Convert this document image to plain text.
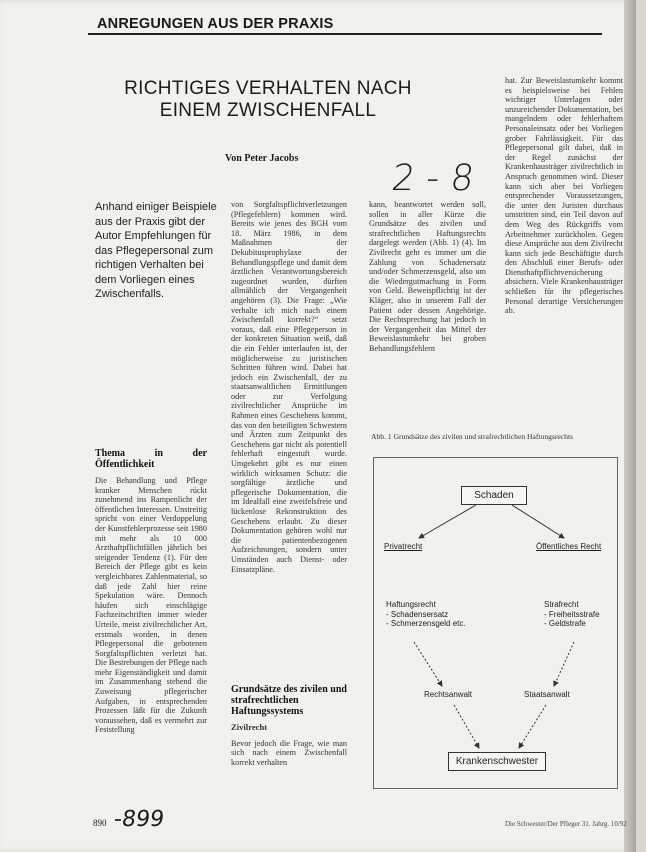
ANREGUNGEN AUS DER PRAXIS
RICHTIGES VERHALTEN NACH
EINEM ZWISCHENFALL
Von Peter Jacobs	2 - 8
Anhand einiger Beispiele aus der Praxis gibt der Autor Empfehlungen für das Pflegepersonal zum richtigen Verhalten bei dem Vorliegen eines Zwischenfalls.
Thema in der Öffentlichkeit

Die Behandlung und Pflege kranker Menschen rückt zunehmend ins Rampenlicht der öffentlichen Interessen. Unstreitig spricht von einer Verdoppelung der Kunstfehlerprozesse seit 1980 mit mehr als 10 000 Arzthaftpflichtfällen jährlich bei steigender Tendenz (1). Für den Bereich der Pflege gibt es kein vergleichbares Zahlenmaterial, so daß jede Zahl hier reine Spekulation wäre. Dennoch häufen sich einschlägige Fachzeitschriften immer wieder Urteile, meist zivilrechtlicher Art, erstmals worden, in denen Pflegepersonal die gebotenen Sorgfaltspflichten verletzt hat. Die Bestrebungen der Pflege nach mehr Eigenständigkeit und damit im Zusammenhang stehend die Zuweisung pflegerischer Aufgaben, in entsprechenden Prozessen läßt für die Zukunft voraussehen, daß es vermehrt zur Feststellung

von Sorgfaltspflichtverletzungen (Pflegefehlern) kommen wird. Bereits wie jenes des BGH vom 18. März 1986, in dem Maßnahmen der Dekubitusprophylaxe der Behandlungspflege und damit dem ärztlichen Verantwortungsbereich zugeordnet wurden, dürften allmählich der Vergangenheit angehören (3). Die Frage: „Wie verhalte ich mich nach einem Zwischenfall korrekt?“ setzt voraus, daß eine Pflegeperson in der konkreten Situation weiß, daß die ein Fehler unterlaufen ist, der möglicherweise zu juristischen Schritten führen wird. Dabei hat jedoch ein Zwischenfall, der zu staatsanwaltlichen Ermittlungen oder zur Verfolgung zivilrechtlicher Ansprüche im Rahmen eines Geschehens kommt, das von den beteiligten Schwestern und Ärzten zum Zeitpunkt des Geschehens gar nicht als potentiell fehlerhaft eingestuft wurde. Umgekehrt gibt es nur einen wirklich wirksamen Schutz: die sorgfältige ärztliche und pflegerische Dokumentation, die im Idealfall eine zweifelsfreie und lückenlose Rekonstruktion des Geschehens erlaubt. Zu dieser Dokumentation gehören wohl nur die patientenbezogenen Aufzeichnungen, sondern unter Umständen auch Dienst- oder Einsatzpläne.

Grundsätze des zivilen und strafrechtlichen Haftungssystems
Zivilrecht

Bevor jedoch die Frage, wie man sich nach einem Zwischenfall korrekt verhalten

kann, beantwortet werden soll, sollen in aller Kürze die Grundsätze des zivilen und strafrechtlichen Haftungsrechts dargelegt werden (Abb. 1) (4). Im Zivilrecht geht es immer um die Zahlung von Schadenersatz und/oder Schmerzensgeld, also um die Wiedergutmachung in Form von Geld. Beweispflichtig ist der Kläger, also in unserem Fall der Patient oder dessen Angehörige. Die Rechtsprechung hat jedoch in der Vergangenheit das Mittel der Beweislastumkehr bei groben Behandlungsfehlern

hat. Zur Beweislastumkehr kommt es beispielsweise bei Fehlen wichtiger Unterlagen oder unzureichender Dokumentation, bei mangelndem oder fehlerhaftem Personaleinsatz oder bei Vorliegen grober Fahrlässigkeit. Für das Pflegepersonal gilt dabei, daß in der Regel zunächst der Krankenhausträger zivilrechtlich in Anspruch genommen wird. Dieser kann sich aber bei Vorliegen entsprechender Voraussetzungen, die unter den Juristen durchaus umstritten sind, ein Teil davon auf dem Weg des Rückgriffs vom Arbeitnehmer zurückholen. Gegen diese Ansprüche aus dem Zivilrecht kann sich jede Beschäftigte durch den Abschluß einer Berufs- oder Diensthaftpflichtversicherung absichern. Viele Krankenhausträger schließen für ihr pflegerisches Personal derartige Versicherungen ab.

Abb. 1 Grundsätze des zivilen und strafrechtlichen Haftungsrechts
Schaden
Privatrecht	Öffentliches Recht
Haftungsrecht
- Schadensersatz
- Schmerzensgeld etc.
Strafrecht
- Freiheitsstrafe
- Geldstrafe
Rechtsanwalt	Staatsanwalt
Krankenschwester
890 -899	Die Schwester/Der Pfleger 31. Jahrg. 10/92
